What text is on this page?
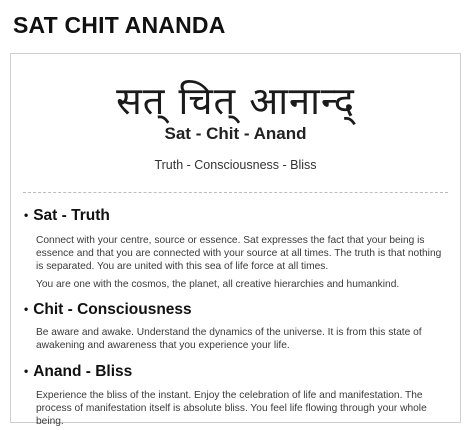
SAT CHIT ANANDA
सत् चित् आनान्द्
Sat - Chit - Anand
Truth - Consciousness - Bliss
• Sat - Truth

Connect with your centre, source or essence. Sat expresses the fact that your being is essence and that you are connected with your source at all times. The truth is that nothing is separated. You are united with this sea of life force at all times.

You are one with the cosmos, the planet, all creative hierarchies and humankind.

• Chit - Consciousness

Be aware and awake. Understand the dynamics of the universe. It is from this state of awakening and awareness that you experience your life.

• Anand - Bliss

Experience the bliss of the instant. Enjoy the celebration of life and manifestation. The process of manifestation itself is absolute bliss. You feel life flowing through your whole being.
